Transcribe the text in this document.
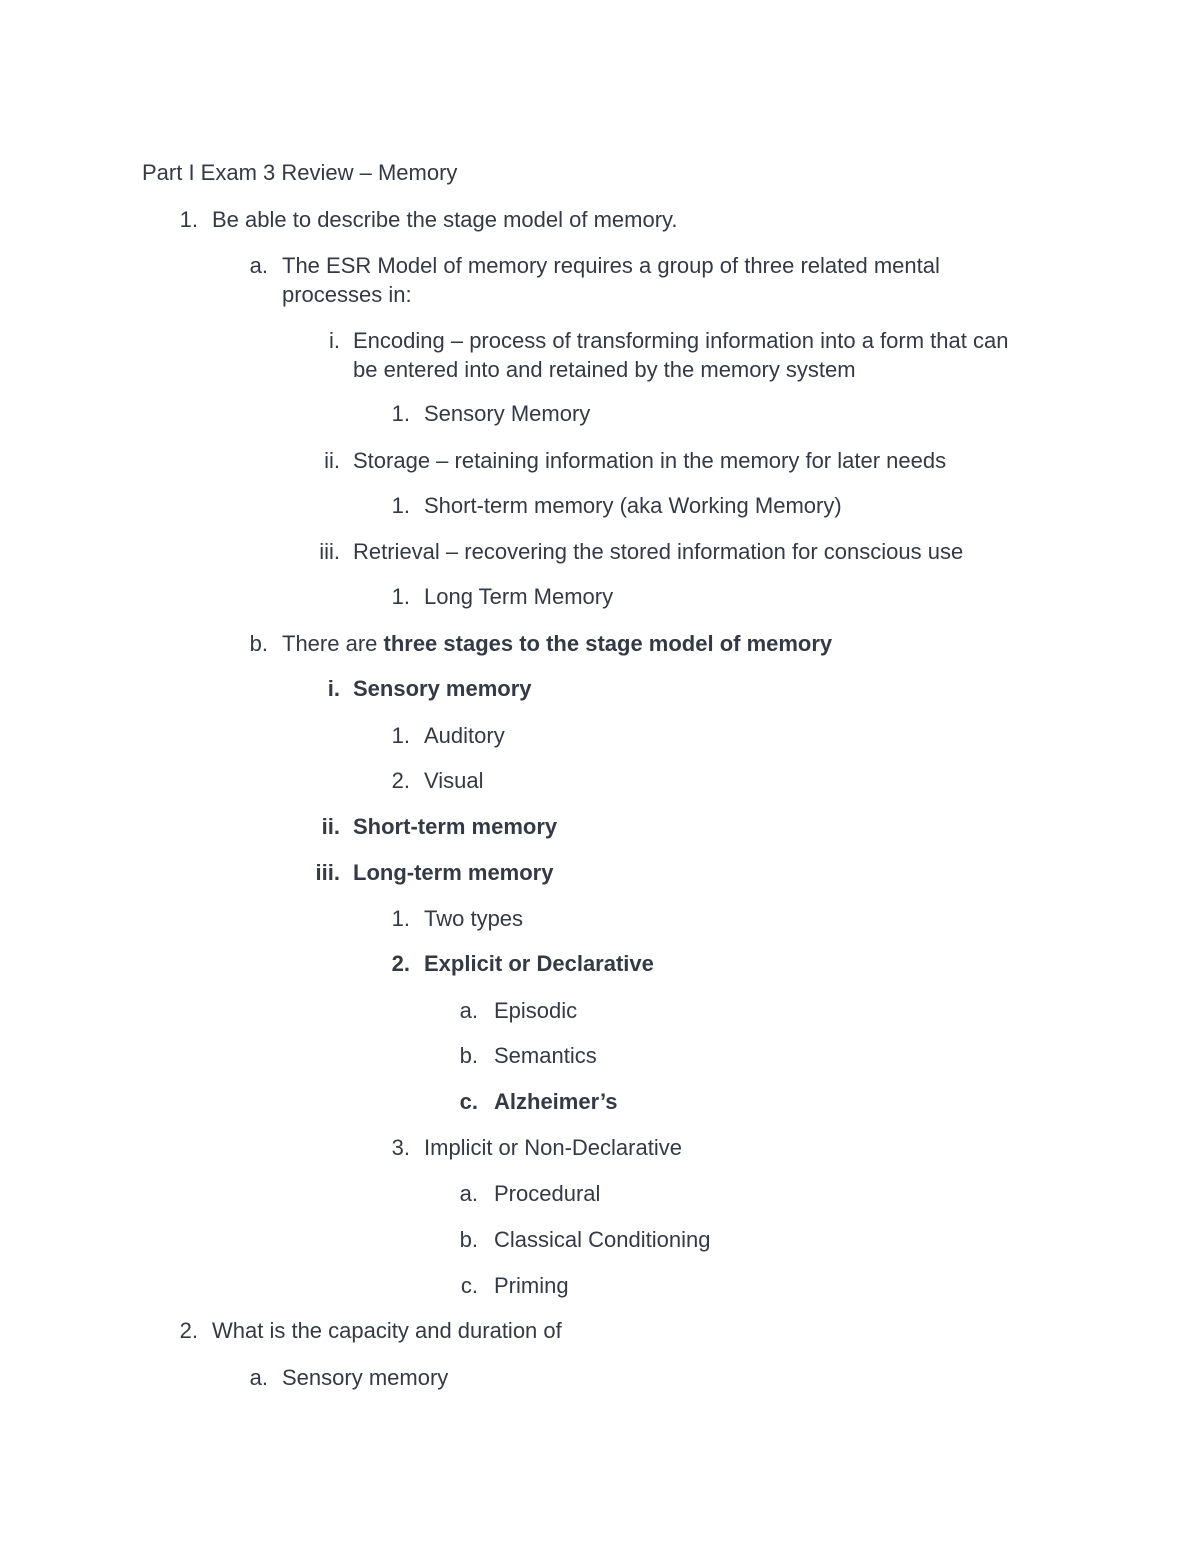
Part I Exam 3 Review – Memory
1. Be able to describe the stage model of memory.
a. The ESR Model of memory requires a group of three related mental
processes in:
i. Encoding – process of transforming information into a form that can
be entered into and retained by the memory system
1. Sensory Memory
ii. Storage – retaining information in the memory for later needs
1. Short-term memory (aka Working Memory)
iii. Retrieval – recovering the stored information for conscious use
1. Long Term Memory
b. There are three stages to the stage model of memory
i. Sensory memory
1. Auditory
2. Visual
ii. Short-term memory
iii. Long-term memory
1. Two types
2. Explicit or Declarative
a. Episodic
b. Semantics
c. Alzheimer’s
3. Implicit or Non-Declarative
a. Procedural
b. Classical Conditioning
c. Priming
2. What is the capacity and duration of
a. Sensory memory
